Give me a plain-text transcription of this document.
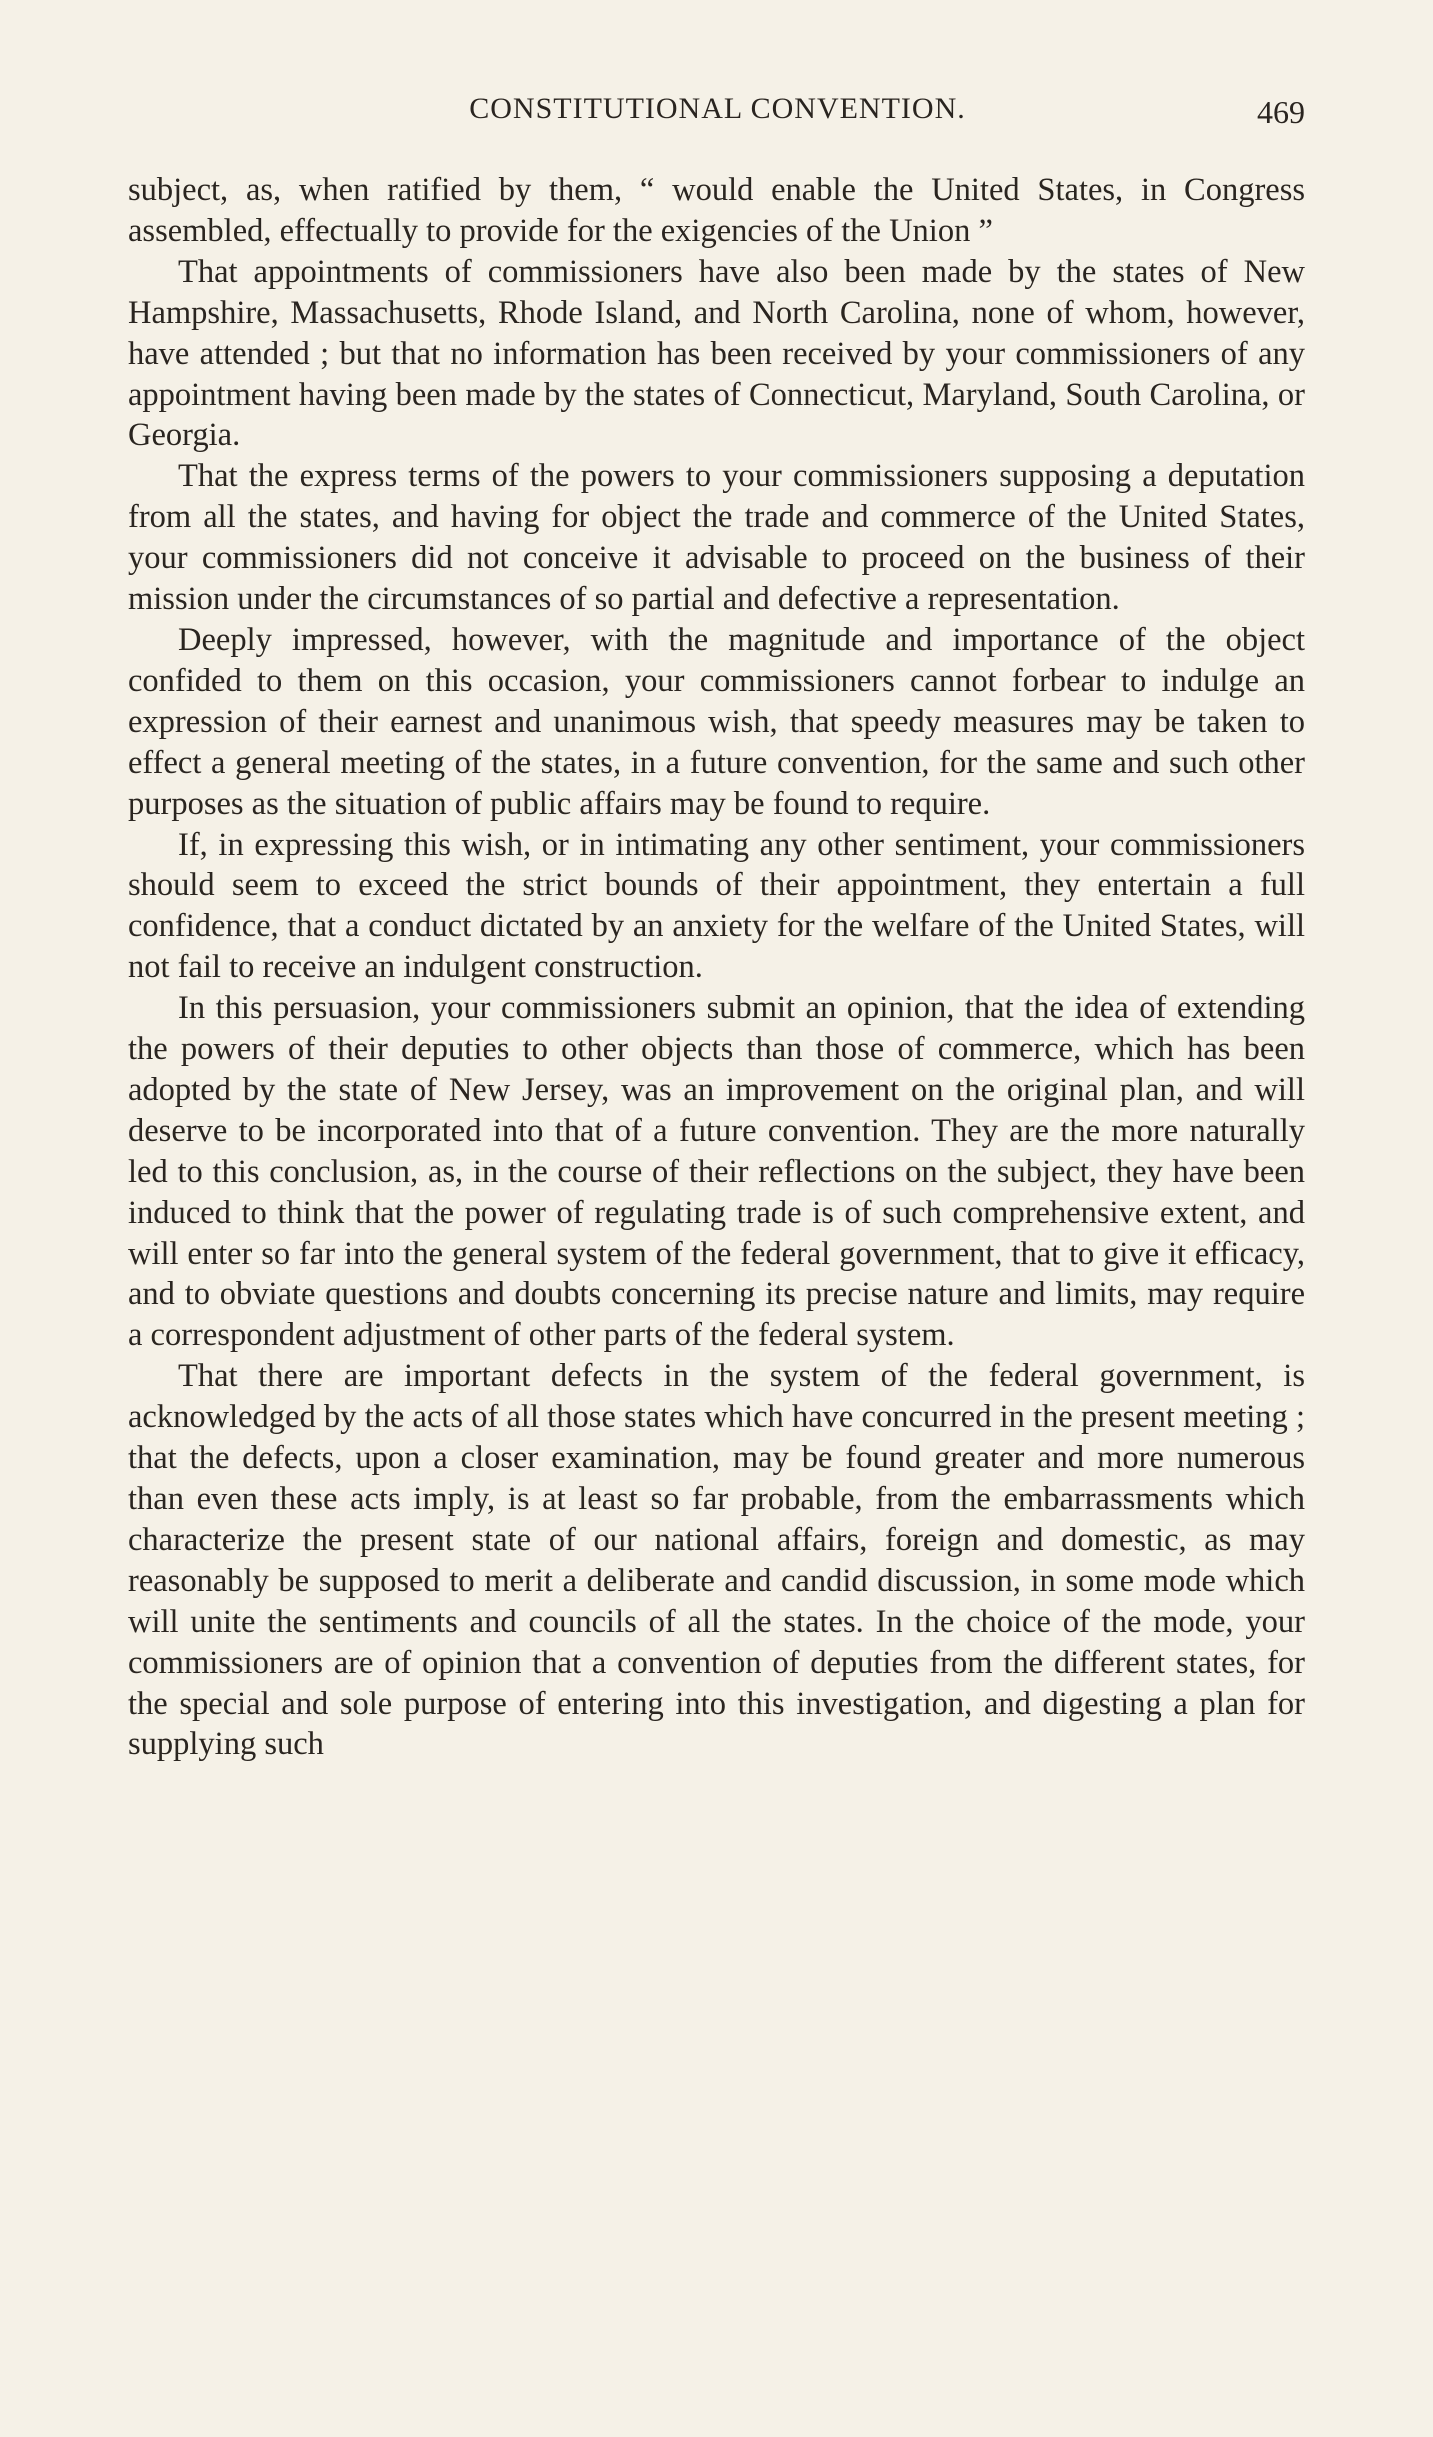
CONSTITUTIONAL CONVENTION.	469

subject, as, when ratified by them, “ would enable the United States, in Congress assembled, effectually to provide for the exigencies of the Union ”

That appointments of commissioners have also been made by the states of New Hampshire, Massachusetts, Rhode Island, and North Carolina, none of whom, however, have attended ; but that no information has been received by your commissioners of any appointment having been made by the states of Connecticut, Maryland, South Carolina, or Georgia.

That the express terms of the powers to your commissioners supposing a deputation from all the states, and having for object the trade and commerce of the United States, your commissioners did not conceive it advisable to proceed on the business of their mission under the circumstances of so partial and defective a representation.

Deeply impressed, however, with the magnitude and importance of the object confided to them on this occasion, your commissioners cannot forbear to indulge an expression of their earnest and unanimous wish, that speedy measures may be taken to effect a general meeting of the states, in a future convention, for the same and such other purposes as the situation of public affairs may be found to require.

If, in expressing this wish, or in intimating any other sentiment, your commissioners should seem to exceed the strict bounds of their appointment, they entertain a full confidence, that a conduct dictated by an anxiety for the welfare of the United States, will not fail to receive an indulgent construction.

In this persuasion, your commissioners submit an opinion, that the idea of extending the powers of their deputies to other objects than those of commerce, which has been adopted by the state of New Jersey, was an improvement on the original plan, and will deserve to be incorporated into that of a future convention. They are the more naturally led to this conclusion, as, in the course of their reflections on the subject, they have been induced to think that the power of regulating trade is of such comprehensive extent, and will enter so far into the general system of the federal government, that to give it efficacy, and to obviate questions and doubts concerning its precise nature and limits, may require a correspondent adjustment of other parts of the federal system.

That there are important defects in the system of the federal government, is acknowledged by the acts of all those states which have concurred in the present meeting ; that the defects, upon a closer examination, may be found greater and more numerous than even these acts imply, is at least so far probable, from the embarrassments which characterize the present state of our national affairs, foreign and domestic, as may reasonably be supposed to merit a deliberate and candid discussion, in some mode which will unite the sentiments and councils of all the states. In the choice of the mode, your commissioners are of opinion that a convention of deputies from the different states, for the special and sole purpose of entering into this investigation, and digesting a plan for supplying such
